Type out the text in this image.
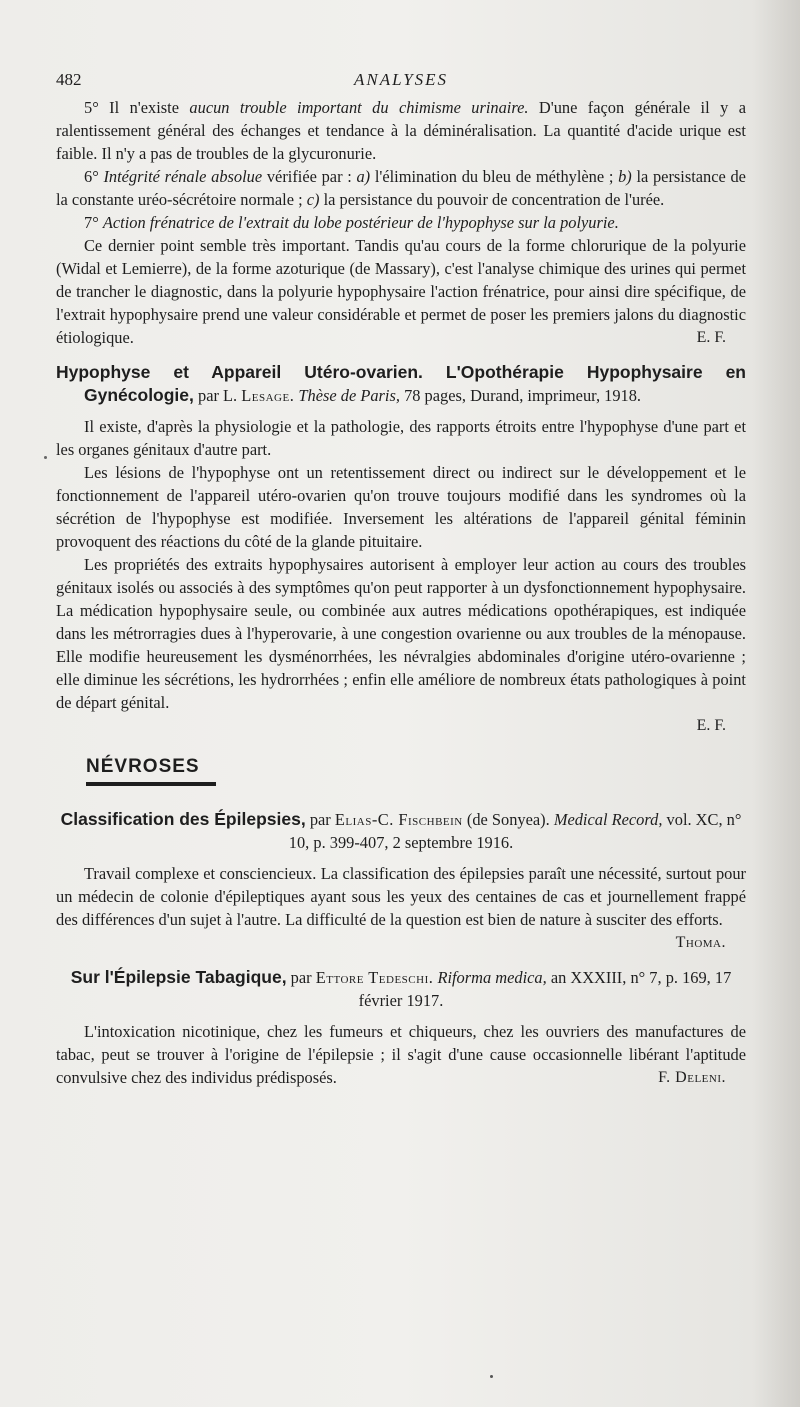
482	ANALYSES

5° Il n'existe aucun trouble important du chimisme urinaire. D'une façon générale il y a ralentissement général des échanges et tendance à la déminéralisation. La quantité d'acide urique est faible. Il n'y a pas de troubles de la glycuronurie.

6° Intégrité rénale absolue vérifiée par : a) l'élimination du bleu de méthylène ; b) la persistance de la constante uréo-sécrétoire normale ; c) la persistance du pouvoir de concentration de l'urée.

7° Action frénatrice de l'extrait du lobe postérieur de l'hypophyse sur la polyurie.

Ce dernier point semble très important. Tandis qu'au cours de la forme chlorurique de la polyurie (Widal et Lemierre), de la forme azoturique (de Massary), c'est l'analyse chimique des urines qui permet de trancher le diagnostic, dans la polyurie hypophysaire l'action frénatrice, pour ainsi dire spécifique, de l'extrait hypophysaire prend une valeur considérable et permet de poser les premiers jalons du diagnostic étiologique.	E. F.

Hypophyse et Appareil Utéro-ovarien. L'Opothérapie Hypophysaire en Gynécologie, par L. Lesage. Thèse de Paris, 78 pages, Durand, imprimeur, 1918.

Il existe, d'après la physiologie et la pathologie, des rapports étroits entre l'hypophyse d'une part et les organes génitaux d'autre part.

Les lésions de l'hypophyse ont un retentissement direct ou indirect sur le développement et le fonctionnement de l'appareil utéro-ovarien qu'on trouve toujours modifié dans les syndromes où la sécrétion de l'hypophyse est modifiée. Inversement les altérations de l'appareil génital féminin provoquent des réactions du côté de la glande pituitaire.

Les propriétés des extraits hypophysaires autorisent à employer leur action au cours des troubles génitaux isolés ou associés à des symptômes qu'on peut rapporter à un dysfonctionnement hypophysaire. La médication hypophysaire seule, ou combinée aux autres médications opothérapiques, est indiquée dans les métrorragies dues à l'hyperovarie, à une congestion ovarienne ou aux troubles de la ménopause. Elle modifie heureusement les dysménorrhées, les névralgies abdominales d'origine utéro-ovarienne ; elle diminue les sécrétions, les hydrorrhées ; enfin elle améliore de nombreux états pathologiques à point de départ génital.

E. F.
NÉVROSES
Classification des Épilepsies, par Elias-C. Fischbein (de Sonyea). Medical Record, vol. XC, n° 10, p. 399-407, 2 septembre 1916.

Travail complexe et consciencieux. La classification des épilepsies paraît une nécessité, surtout pour un médecin de colonie d'épileptiques ayant sous les yeux des centaines de cas et journellement frappé des différences d'un sujet à l'autre. La difficulté de la question est bien de nature à susciter des efforts.

Thoma.
Sur l'Épilepsie Tabagique, par Ettore Tedeschi. Riforma medica, an XXXIII, n° 7, p. 169, 17 février 1917.

L'intoxication nicotinique, chez les fumeurs et chiqueurs, chez les ouvriers des manufactures de tabac, peut se trouver à l'origine de l'épilepsie ; il s'agit d'une cause occasionnelle libérant l'aptitude convulsive chez des individus prédisposés.	F. Deleni.
